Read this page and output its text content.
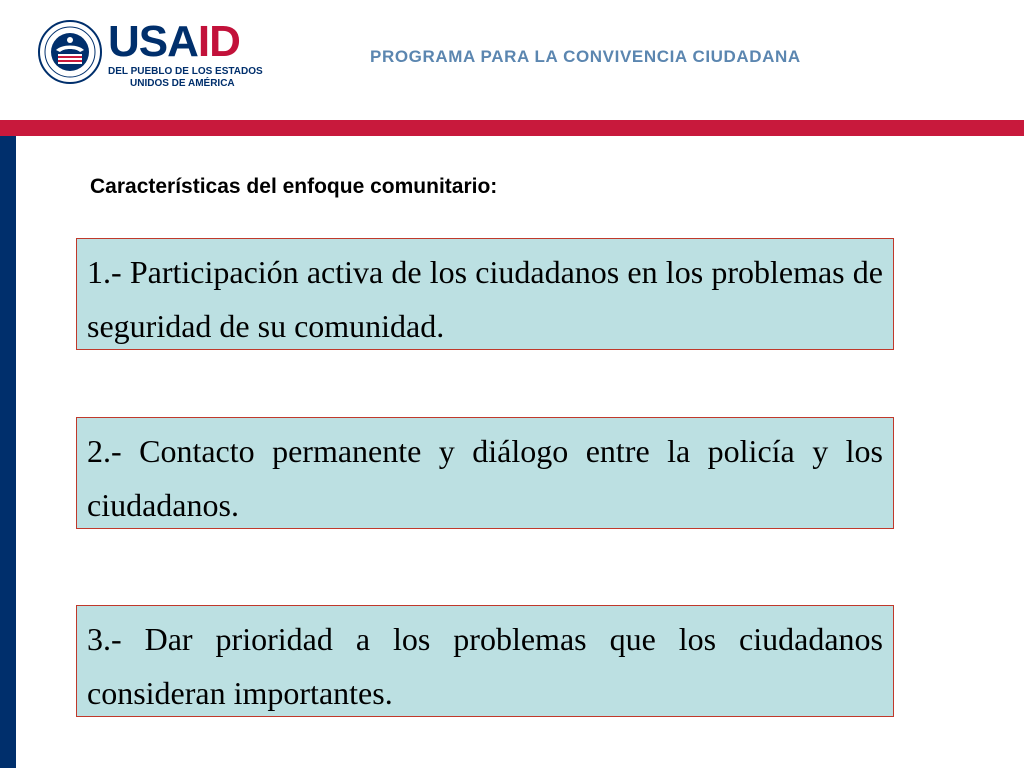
USAID
DEL PUEBLO DE LOS ESTADOS
UNIDOS DE AMÉRICA
PROGRAMA PARA LA CONVIVENCIA CIUDADANA
Características del enfoque comunitario:

1.- Participación activa de los ciudadanos en los problemas de seguridad de su comunidad.

2.- Contacto permanente y diálogo entre la policía y los ciudadanos.

3.- Dar prioridad a los problemas que los ciudadanos consideran importantes.
